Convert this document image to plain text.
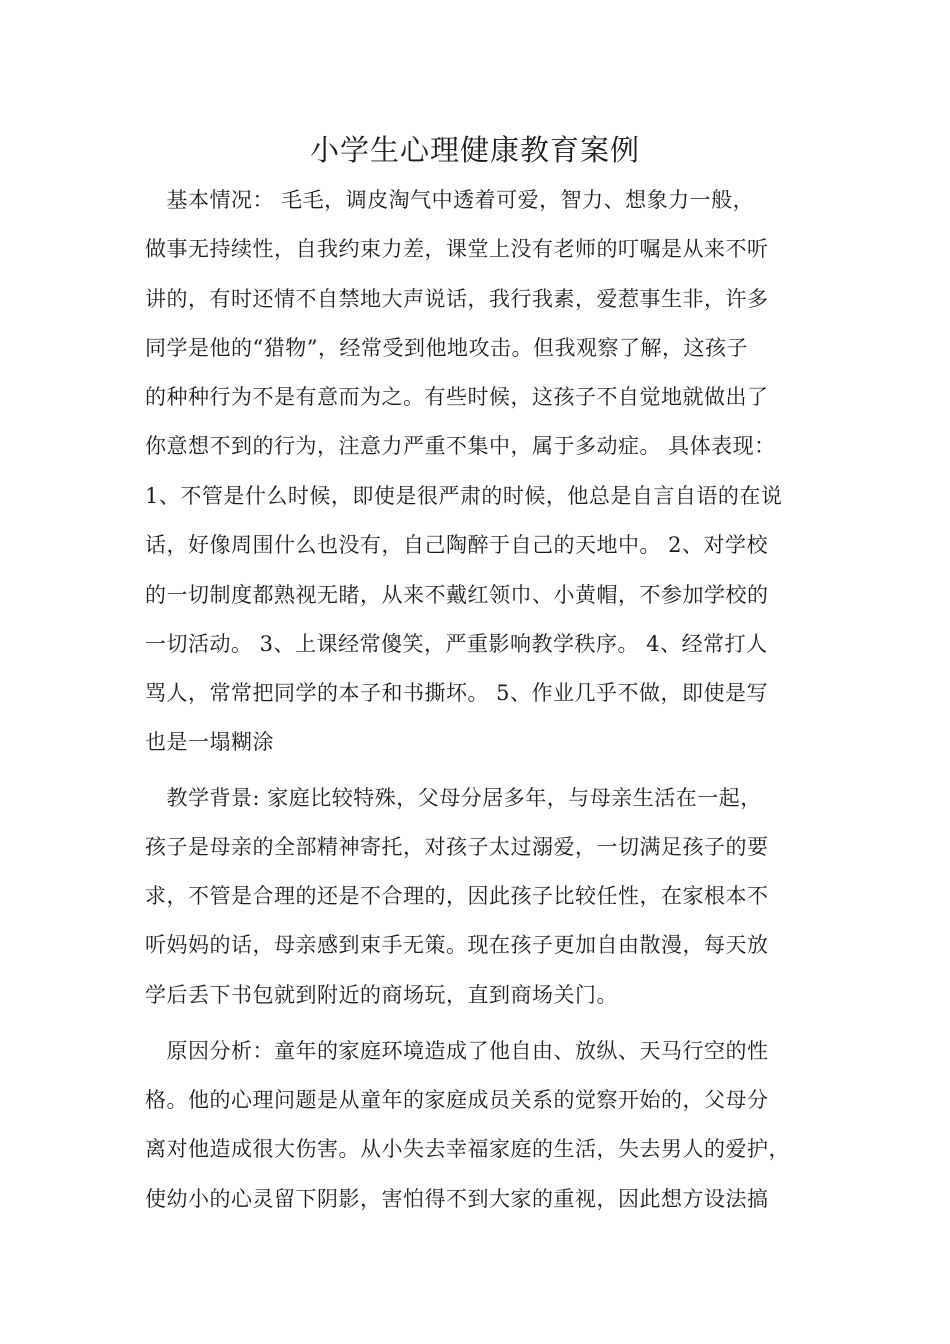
小学生心理健康教育案例
　基本情况： 毛毛，调皮淘气中透着可爱，智力、想象力一般，
做事无持续性，自我约束力差，课堂上没有老师的叮嘱是从来不听
讲的，有时还情不自禁地大声说话，我行我素，爱惹事生非，许多
同学是他的“猎物”，经常受到他地攻击。但我观察了解，这孩子
的种种行为不是有意而为之。有些时候，这孩子不自觉地就做出了
你意想不到的行为，注意力严重不集中，属于多动症。 具体表现：
1、不管是什么时候，即使是很严肃的时候，他总是自言自语的在说
话，好像周围什么也没有，自己陶醉于自己的天地中。 2、对学校
的一切制度都熟视无睹，从来不戴红领巾、小黄帽，不参加学校的
一切活动。 3、上课经常傻笑，严重影响教学秩序。 4、经常打人
骂人，常常把同学的本子和书撕坏。 5、作业几乎不做，即使是写
也是一塌糊涂
　教学背景: 家庭比较特殊，父母分居多年，与母亲生活在一起，
孩子是母亲的全部精神寄托，对孩子太过溺爱，一切满足孩子的要
求，不管是合理的还是不合理的，因此孩子比较任性，在家根本不
听妈妈的话，母亲感到束手无策。现在孩子更加自由散漫，每天放
学后丢下书包就到附近的商场玩，直到商场关门。
　原因分析：童年的家庭环境造成了他自由、放纵、天马行空的性
格。他的心理问题是从童年的家庭成员关系的觉察开始的，父母分
离对他造成很大伤害。从小失去幸福家庭的生活，失去男人的爱护，
使幼小的心灵留下阴影，害怕得不到大家的重视，因此想方设法搞
